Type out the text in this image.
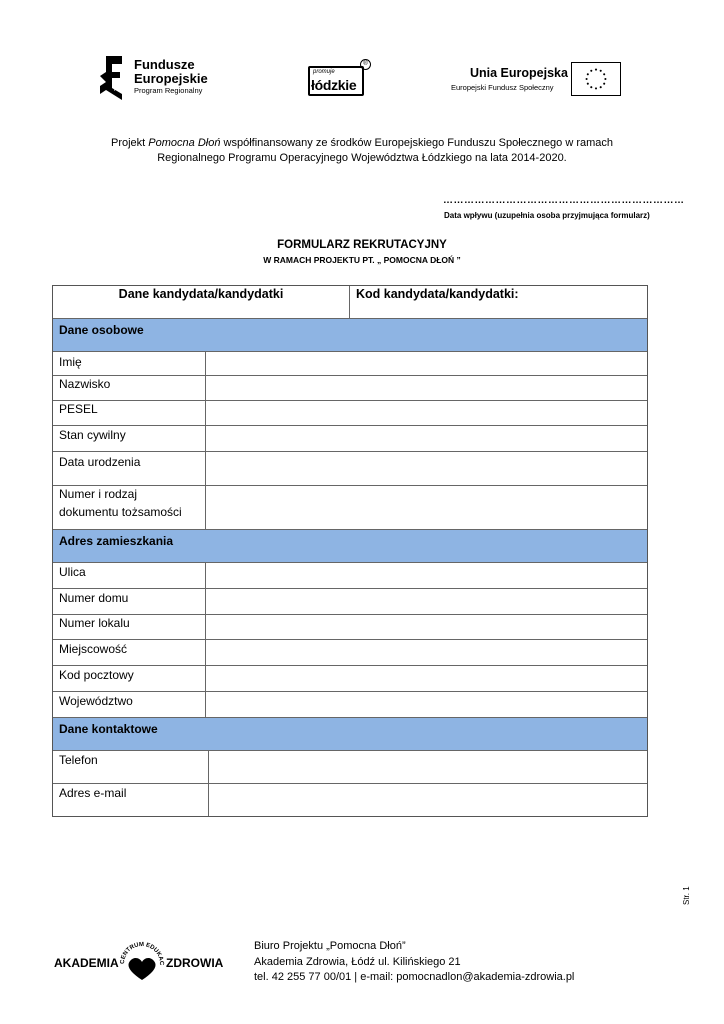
Fundusze
Europejskie
Program Regionalny
promuje
łódzkie
®
Unia Europejska
Europejski Fundusz Społeczny
Projekt Pomocna Dłoń współfinansowany ze środków Europejskiego Funduszu Społecznego w ramach
Regionalnego Programu Operacyjnego Województwa Łódzkiego na lata 2014-2020.
……………………………………………………………
Data wpływu (uzupełnia osoba przyjmująca formularz)
FORMULARZ REKRUTACYJNY
W RAMACH PROJEKTU PT. „ POMOCNA DŁOŃ ”
Dane kandydata/kandydatki	Kod kandydata/kandydatki:
Dane osobowe
Imię
Nazwisko
PESEL
Stan cywilny
Data urodzenia
Numer i rodzaj
dokumentu tożsamości
Adres zamieszkania
Ulica
Numer domu
Numer lokalu
Miejscowość
Kod pocztowy
Województwo
Dane kontaktowe
Telefon
Adres e-mail
CENTRUM EDUKAC
AKADEMIA	ZDROWIA
Biuro Projektu „Pomocna Dłoń”
Akademia Zdrowia, Łódź ul. Kilińskiego 21
tel. 42 255 77 00/01 | e-mail: pomocnadlon@akademia-zdrowia.pl
Str. 1
